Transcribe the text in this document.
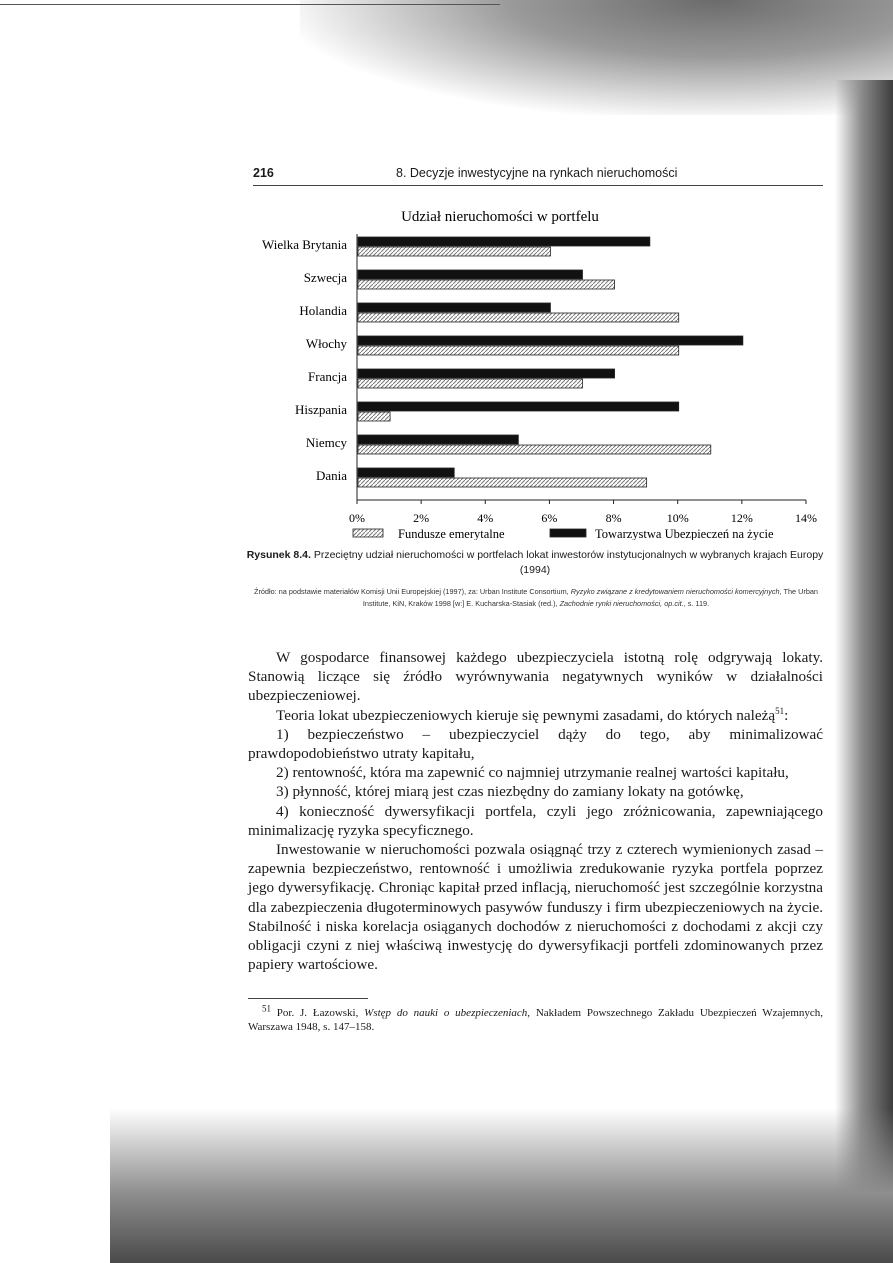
216	8. Decyzje inwestycyjne na rynkach nieruchomości
Udział nieruchomości w portfelu
Wielka Brytania
Szwecja
Holandia
Włochy
Francja
Hiszpania
Niemcy
Dania
0%	2%	4%	6%	8%	10%	12%	14%
Fundusze emerytalne	Towarzystwa Ubezpieczeń na życie
Rysunek 8.4. Przeciętny udział nieruchomości w portfelach lokat inwestorów instytucjonalnych w wybranych krajach Europy (1994)
Źródło: na podstawie materiałów Komisji Unii Europejskiej (1997), za: Urban Institute Consortium, Ryzyko związane z kredytowaniem nieruchomości komercyjnych, The Urban Institute, KiN, Kraków 1998 [w:] E. Kucharska-Stasiak (red.), Zachodnie rynki nieruchomości, op.cit., s. 119.

W gospodarce finansowej każdego ubezpieczyciela istotną rolę odgrywają lokaty. Stanowią liczące się źródło wyrównywania negatywnych wyników w działalności ubezpieczeniowej.

Teoria lokat ubezpieczeniowych kieruje się pewnymi zasadami, do których należą$^{51}$:

1) bezpieczeństwo – ubezpieczyciel dąży do tego, aby minimalizować prawdopodobieństwo utraty kapitału,

2) rentowność, która ma zapewnić co najmniej utrzymanie realnej wartości kapitału,

3) płynność, której miarą jest czas niezbędny do zamiany lokaty na gotówkę,

4) konieczność dywersyfikacji portfela, czyli jego zróżnicowania, zapewniającego minimalizację ryzyka specyficznego.

Inwestowanie w nieruchomości pozwala osiągnąć trzy z czterech wymienionych zasad – zapewnia bezpieczeństwo, rentowność i umożliwia zredukowanie ryzyka portfela poprzez jego dywersyfikację. Chroniąc kapitał przed inflacją, nieruchomość jest szczególnie korzystna dla zabezpieczenia długoterminowych pasywów funduszy i firm ubezpieczeniowych na życie. Stabilność i niska korelacja osiąganych dochodów z nieruchomości z dochodami z akcji czy obligacji czyni z niej właściwą inwestycję do dywersyfikacji portfeli zdominowanych przez papiery wartościowe.

$^{51}$ Por. J. Łazowski, Wstęp do nauki o ubezpieczeniach, Nakładem Powszechnego Zakładu Ubezpieczeń Wzajemnych, Warszawa 1948, s. 147–158.
